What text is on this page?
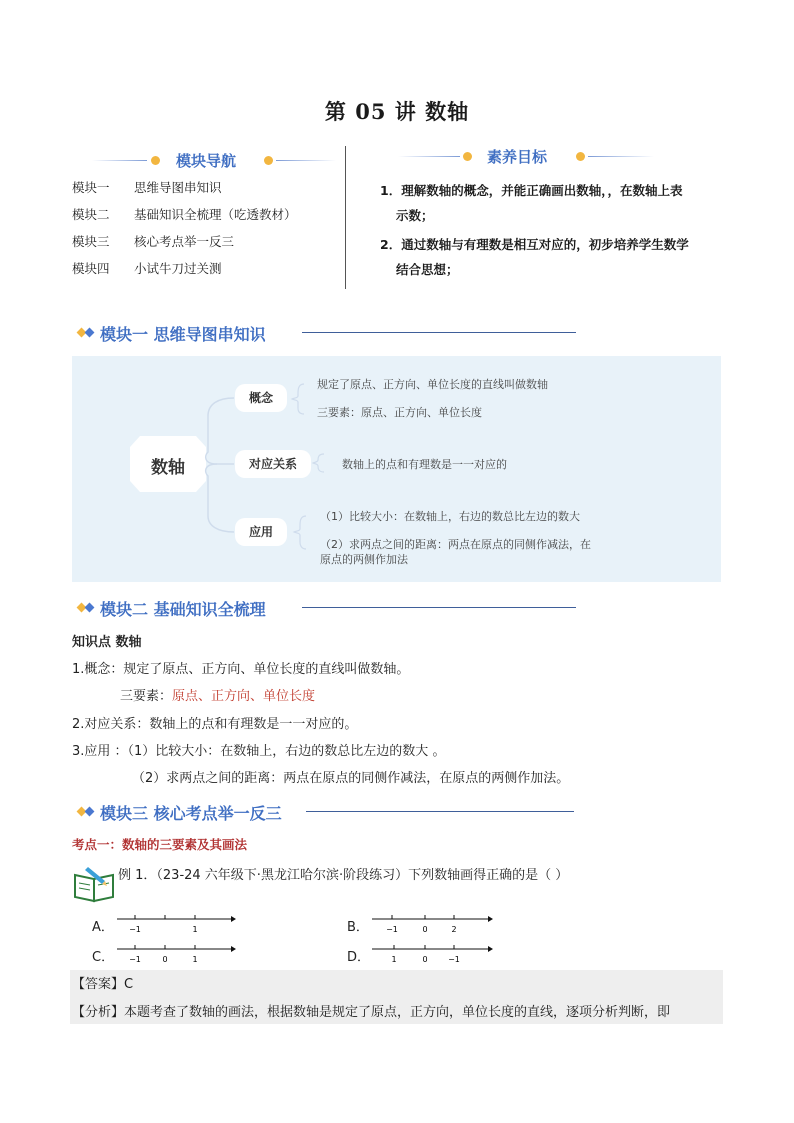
第 05 讲 数轴
模块导航
模块一 思维导图串知识
模块二 基础知识全梳理（吃透教材）
模块三 核心考点举一反三
模块四 小试牛刀过关测
素养目标
1．理解数轴的概念，并能正确画出数轴，，在数轴上表
示数；
2．通过数轴与有理数是相互对应的，初步培养学生数学
结合思想；
模块一 思维导图串知识
数轴
概念
规定了原点、正方向、单位长度的直线叫做数轴
三要素：原点、正方向、单位长度
对应关系	数轴上的点和有理数是一一对应的
应用
（1）比较大小：在数轴上，右边的数总比左边的数大
（2）求两点之间的距离：两点在原点的同侧作减法，在
原点的两侧作加法
模块二 基础知识全梳理
知识点 数轴
1.概念：规定了原点、正方向、单位长度的直线叫做数轴。
三要素：原点、正方向、单位长度
2.对应关系：数轴上的点和有理数是一一对应的。
3.应用 ：（1）比较大小：在数轴上，右边的数总比左边的数大 。
（2）求两点之间的距离：两点在原点的同侧作减法，在原点的两侧作加法。
模块三 核心考点举一反三
考点一：数轴的三要素及其画法
例 1．（23-24 六年级下·黑龙江哈尔滨·阶段练习）下列数轴画得正确的是（ ）
A． −1	1	B． −1	0	2
C． −1	0	1	D．	1	0	−1
【答案】C
【分析】本题考查了数轴的画法，根据数轴是规定了原点，正方向，单位长度的直线，逐项分析判断，即
